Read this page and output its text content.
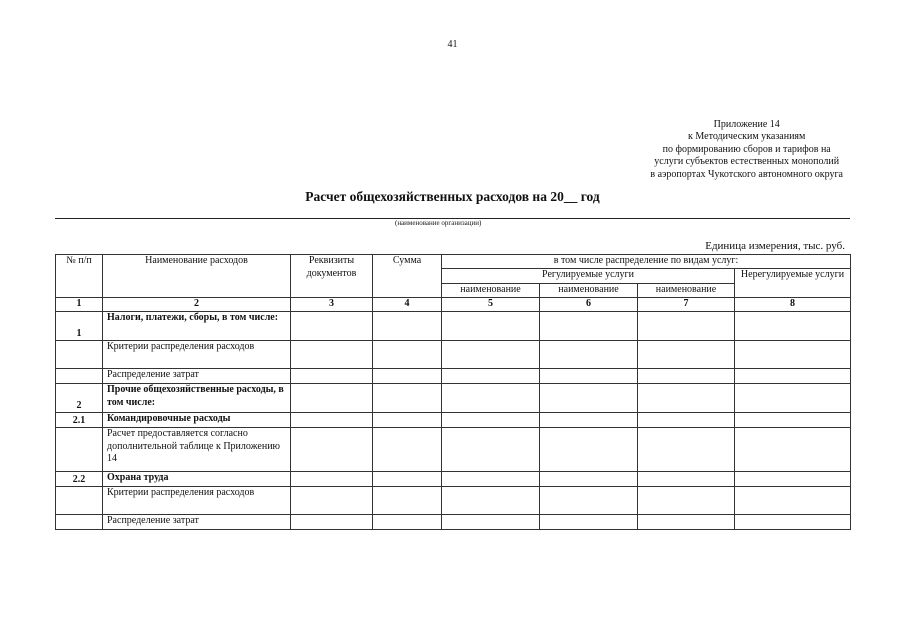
41
Приложение 14
к Методическим указаниям
по формированию сборов и тарифов на
услуги субъектов естественных монополий
в аэропортах Чукотского автономного округа
Расчет общехозяйственных расходов на 20__ год
(наименование организации)
Единица измерения, тыс. руб.
№ п/п	Наименование расходов	Реквизиты документов	Сумма	в том числе распределение по видам услуг:			
				Регулируемые услуги			Нерегулируемые услуги
				наименование	наименование	наименование	
1	2	3	4	5	6	7	8
1	Налоги, платежи, сборы, в том числе:						
	Критерии распределения расходов						
	Распределение затрат						
2	Прочие общехозяйственные расходы, в том числе:						
2.1	Командировочные расходы						
	Расчет предоставляется согласно дополнительной таблице к Приложению 14						
2.2	Охрана труда						
	Критерии распределения расходов						
	Распределение затрат						
